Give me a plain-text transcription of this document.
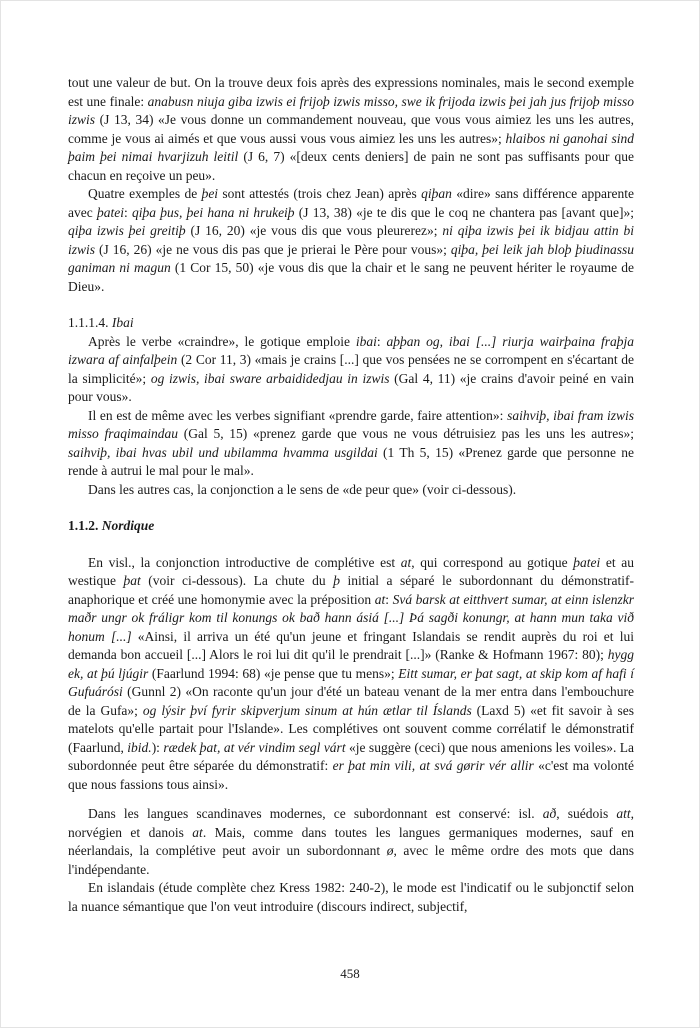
tout une valeur de but. On la trouve deux fois après des expressions nominales, mais le second exemple est une finale: anabusn niuja giba izwis ei frijoþ izwis misso, swe ik frijoda izwis þei jah jus frijoþ misso izwis (J 13, 34) «Je vous donne un commandement nouveau, que vous vous aimiez les uns les autres, comme je vous ai aimés et que vous aussi vous vous aimiez les uns les autres»; hlaibos ni ganohai sind þaim þei nimai hvarjizuh leitil (J 6, 7) «[deux cents deniers] de pain ne sont pas suffisants pour que chacun en reçoive un peu».

Quatre exemples de þei sont attestés (trois chez Jean) après qiþan «dire» sans différence apparente avec þatei: qiþa þus, þei hana ni hrukeiþ (J 13, 38) «je te dis que le coq ne chantera pas [avant que]»; qiþa izwis þei greitiþ (J 16, 20) «je vous dis que vous pleurerez»; ni qiþa izwis þei ik bidjau attin bi izwis (J 16, 26) «je ne vous dis pas que je prierai le Père pour vous»; qiþa, þei leik jah bloþ þiudinassu ganiman ni magun (1 Cor 15, 50) «je vous dis que la chair et le sang ne peuvent hériter le royaume de Dieu».

1.1.1.4. Ibai

Après le verbe «craindre», le gotique emploie ibai: aþþan og, ibai [...] riurja wairþaina fraþja izwara af ainfalþein (2 Cor 11, 3) «mais je crains [...] que vos pensées ne se corrompent en s'écartant de la simplicité»; og izwis, ibai sware arbaididedjau in izwis (Gal 4, 11) «je crains d'avoir peiné en vain pour vous».

Il en est de même avec les verbes signifiant «prendre garde, faire attention»: saihviþ, ibai fram izwis misso fraqimaindau (Gal 5, 15) «prenez garde que vous ne vous détruisiez pas les uns les autres»; saihviþ, ibai hvas ubil und ubilamma hvamma usgildai (1 Th 5, 15) «Prenez garde que personne ne rende à autrui le mal pour le mal».

Dans les autres cas, la conjonction a le sens de «de peur que» (voir ci-dessous).

1.1.2. Nordique

En visl., la conjonction introductive de complétive est at, qui correspond au gotique þatei et au westique þat (voir ci-dessous). La chute du þ initial a séparé le subordonnant du démonstratif-anaphorique et créé une homonymie avec la préposition at: Svá barsk at eitthvert sumar, at einn islenzkr maðr ungr ok fráligr kom til konungs ok bað hann ásiá [...] Þá sagði konungr, at hann mun taka við honum [...] «Ainsi, il arriva un été qu'un jeune et fringant Islandais se rendit auprès du roi et lui demanda bon accueil [...] Alors le roi lui dit qu'il le prendrait [...]» (Ranke & Hofmann 1967: 80); hygg ek, at þú ljúgir (Faarlund 1994: 68) «je pense que tu mens»; Eitt sumar, er þat sagt, at skip kom af hafi í Gufuárósi (Gunnl 2) «On raconte qu'un jour d'été un bateau venant de la mer entra dans l'embouchure de la Gufa»; og lýsir því fyrir skipverjum sinum at hún ætlar til Íslands (Laxd 5) «et fit savoir à ses matelots qu'elle partait pour l'Islande». Les complétives ont souvent comme corrélatif le démonstratif (Faarlund, ibid.): rædek þat, at vér vindim segl várt «je suggère (ceci) que nous amenions les voiles». La subordonnée peut être séparée du démonstratif: er þat min vili, at svá gørir vér allir «c'est ma volonté que nous fassions tous ainsi».

Dans les langues scandinaves modernes, ce subordonnant est conservé: isl. að, suédois att, norvégien et danois at. Mais, comme dans toutes les langues germaniques modernes, sauf en néerlandais, la complétive peut avoir un subordonnant ø, avec le même ordre des mots que dans l'indépendante.

En islandais (étude complète chez Kress 1982: 240-2), le mode est l'indicatif ou le subjonctif selon la nuance sémantique que l'on veut introduire (discours indirect, subjectif,

458
